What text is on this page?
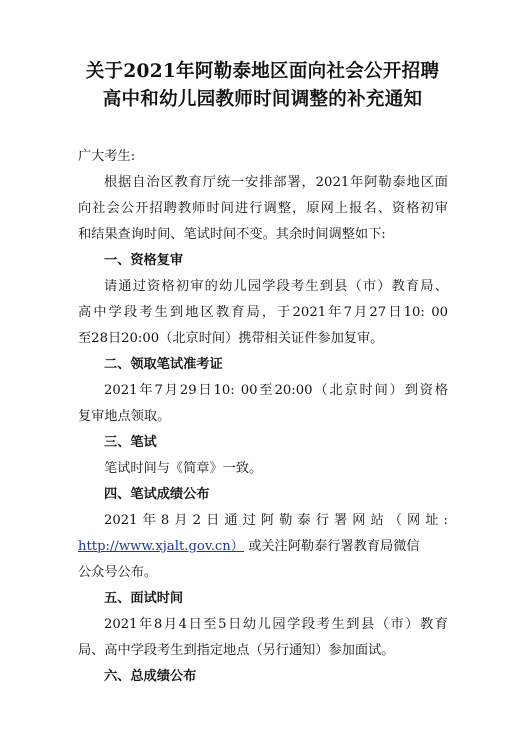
关于2021年阿勒泰地区面向社会公开招聘
高中和幼儿园教师时间调整的补充通知
广大考生:
根据自治区教育厅统一安排部署，2021年阿勒泰地区面
向社会公开招聘教师时间进行调整，原网上报名、资格初审
和结果查询时间、笔试时间不变。其余时间调整如下:
一、资格复审
请通过资格初审的幼儿园学段考生到县（市）教育局、
高中学段考生到地区教育局，于2021年7月27日10: 00
至28日20:00（北京时间）携带相关证件参加复审。
二、领取笔试准考证
2021年7月29日10: 00至20:00（北京时间）到资格
复审地点领取。
三、笔试
笔试时间与《简章》一致。
四、笔试成绩公布
2021年8月2日通过阿勒泰行署网站（网址:
http://www.xjalt.gov.cn） 或关注阿勒泰行署教育局微信
公众号公布。
五、面试时间
2021年8月4日至5日幼儿园学段考生到县（市）教育
局、高中学段考生到指定地点（另行通知）参加面试。
六、总成绩公布
